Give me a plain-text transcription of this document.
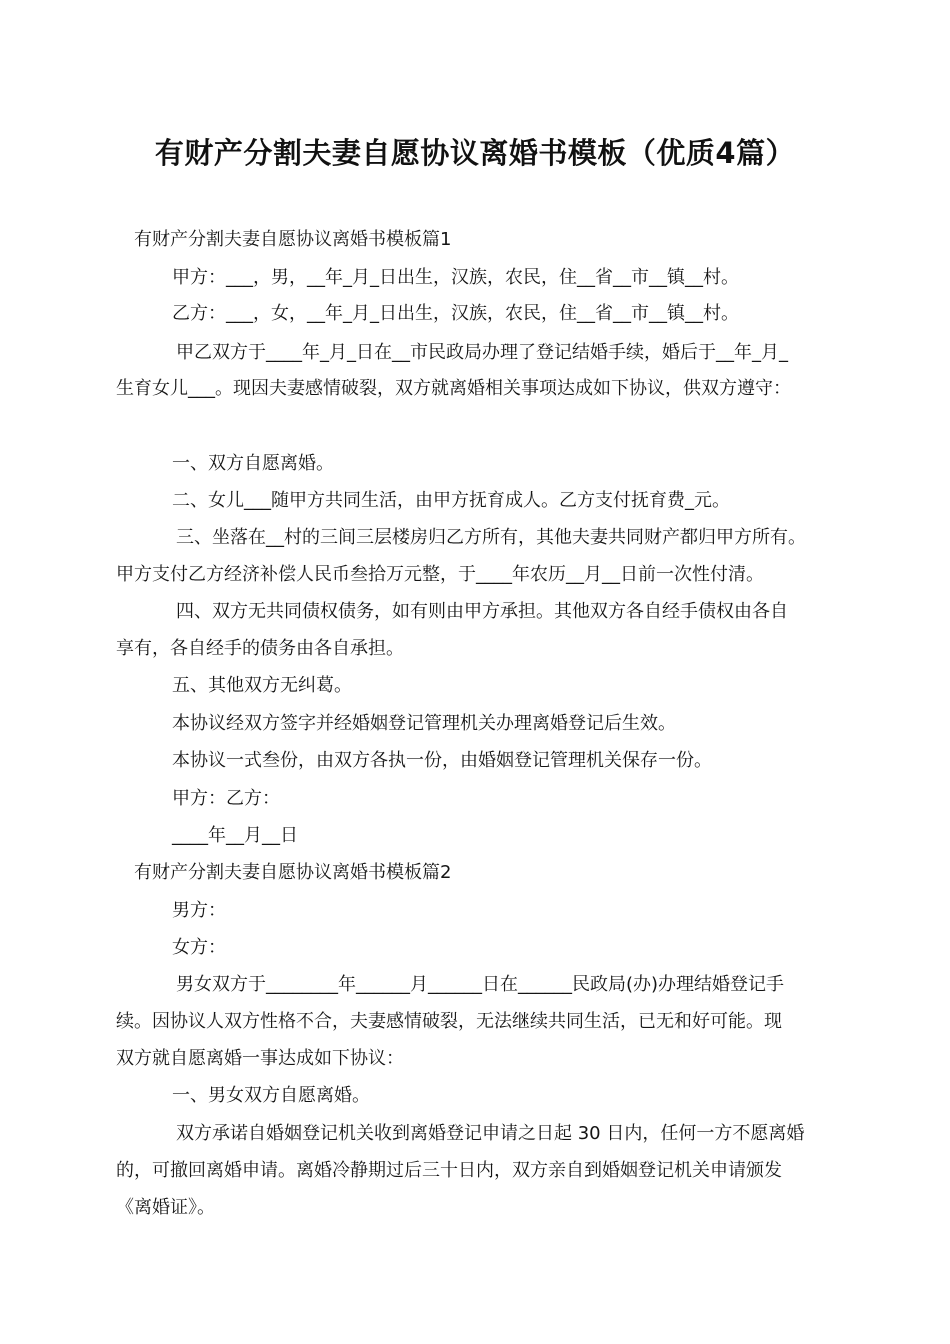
有财产分割夫妻自愿协议离婚书模板（优质4篇）
有财产分割夫妻自愿协议离婚书模板篇1
甲方：___，男，__年_月_日出生，汉族，农民，住__省__市__镇__村。
乙方：___，女，__年_月_日出生，汉族，农民，住__省__市__镇__村。
甲乙双方于____年_月_日在__市民政局办理了登记结婚手续，婚后于__年_月_
生育女儿___。现因夫妻感情破裂，双方就离婚相关事项达成如下协议，供双方遵守：
一、双方自愿离婚。
二、女儿___随甲方共同生活，由甲方抚育成人。乙方支付抚育费_元。
三、坐落在__村的三间三层楼房归乙方所有，其他夫妻共同财产都归甲方所有。
甲方支付乙方经济补偿人民币叁拾万元整，于____年农历__月__日前一次性付清。
四、双方无共同债权债务，如有则由甲方承担。其他双方各自经手债权由各自
享有，各自经手的债务由各自承担。
五、其他双方无纠葛。
本协议经双方签字并经婚姻登记管理机关办理离婚登记后生效。
本协议一式叁份，由双方各执一份，由婚姻登记管理机关保存一份。
甲方：乙方：
____年__月__日
有财产分割夫妻自愿协议离婚书模板篇2
男方：
女方：
男女双方于________年______月______日在______民政局(办)办理结婚登记手
续。因协议人双方性格不合，夫妻感情破裂，无法继续共同生活，已无和好可能。现
双方就自愿离婚一事达成如下协议：
一、男女双方自愿离婚。
双方承诺自婚姻登记机关收到离婚登记申请之日起 30 日内，任何一方不愿离婚
的，可撤回离婚申请。离婚冷静期过后三十日内，双方亲自到婚姻登记机关申请颁发
《离婚证》。
